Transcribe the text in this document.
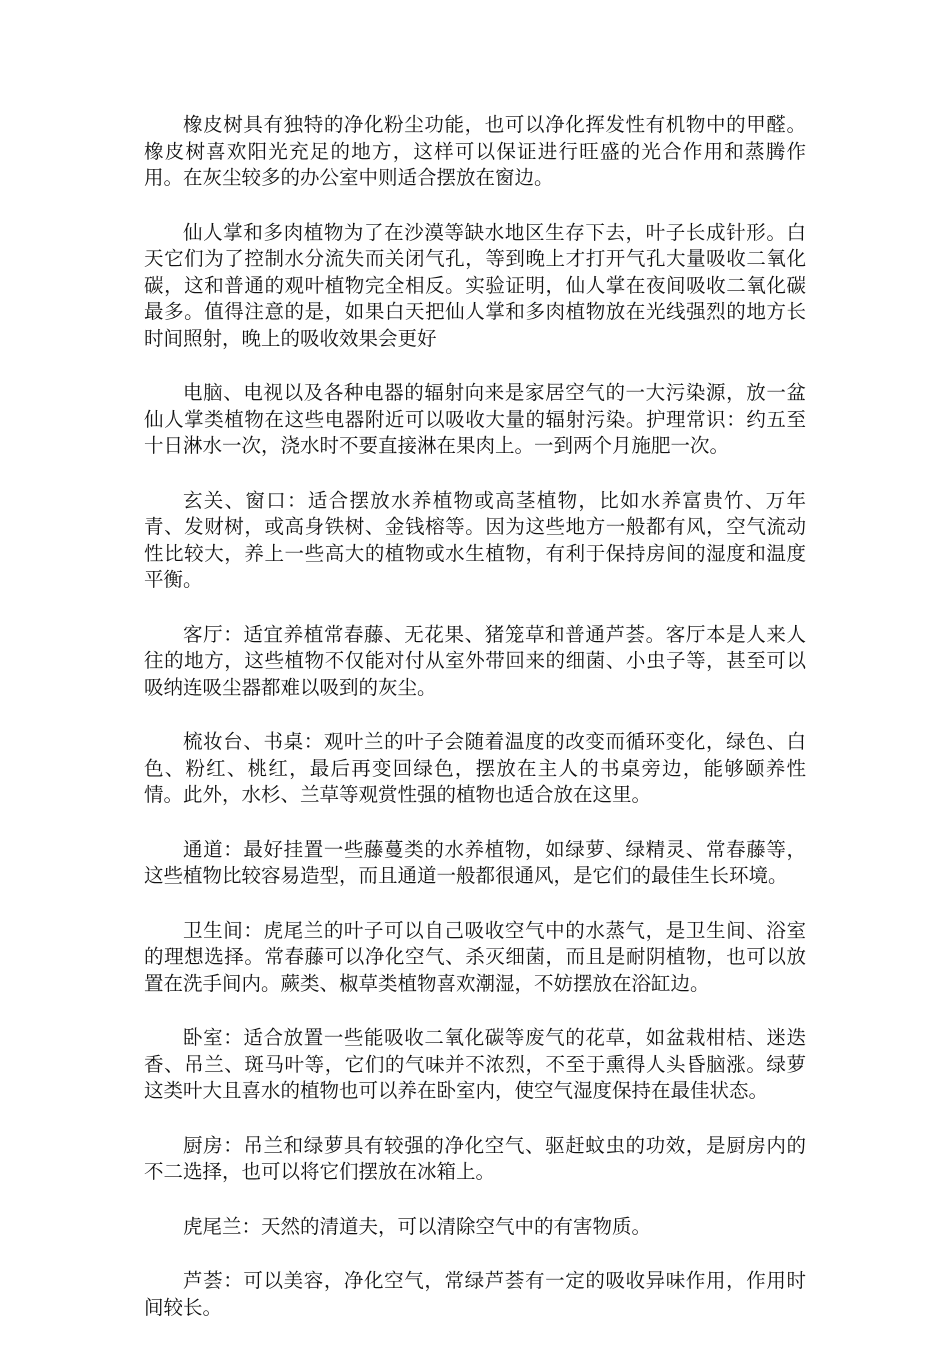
橡皮树具有独特的净化粉尘功能，也可以净化挥发性有机物中的甲醛。橡皮树喜欢阳光充足的地方，这样可以保证进行旺盛的光合作用和蒸腾作用。在灰尘较多的办公室中则适合摆放在窗边。

仙人掌和多肉植物为了在沙漠等缺水地区生存下去，叶子长成针形。白天它们为了控制水分流失而关闭气孔，等到晚上才打开气孔大量吸收二氧化碳，这和普通的观叶植物完全相反。实验证明，仙人掌在夜间吸收二氧化碳最多。值得注意的是，如果白天把仙人掌和多肉植物放在光线强烈的地方长时间照射，晚上的吸收效果会更好

电脑、电视以及各种电器的辐射向来是家居空气的一大污染源，放一盆仙人掌类植物在这些电器附近可以吸收大量的辐射污染。护理常识：约五至十日淋水一次，浇水时不要直接淋在果肉上。一到两个月施肥一次。

玄关、窗口：适合摆放水养植物或高茎植物，比如水养富贵竹、万年青、发财树，或高身铁树、金钱榕等。因为这些地方一般都有风，空气流动性比较大，养上一些高大的植物或水生植物，有利于保持房间的湿度和温度平衡。

客厅：适宜养植常春藤、无花果、猪笼草和普通芦荟。客厅本是人来人往的地方，这些植物不仅能对付从室外带回来的细菌、小虫子等，甚至可以吸纳连吸尘器都难以吸到的灰尘。

梳妆台、书桌：观叶兰的叶子会随着温度的改变而循环变化，绿色、白色、粉红、桃红，最后再变回绿色，摆放在主人的书桌旁边，能够颐养性情。此外，水杉、兰草等观赏性强的植物也适合放在这里。

通道：最好挂置一些藤蔓类的水养植物，如绿萝、绿精灵、常春藤等，这些植物比较容易造型，而且通道一般都很通风，是它们的最佳生长环境。

卫生间：虎尾兰的叶子可以自己吸收空气中的水蒸气，是卫生间、浴室的理想选择。常春藤可以净化空气、杀灭细菌，而且是耐阴植物，也可以放置在洗手间内。蕨类、椒草类植物喜欢潮湿，不妨摆放在浴缸边。

卧室：适合放置一些能吸收二氧化碳等废气的花草，如盆栽柑桔、迷迭香、吊兰、斑马叶等，它们的气味并不浓烈，不至于熏得人头昏脑涨。绿萝这类叶大且喜水的植物也可以养在卧室内，使空气湿度保持在最佳状态。

厨房：吊兰和绿萝具有较强的净化空气、驱赶蚊虫的功效，是厨房内的不二选择，也可以将它们摆放在冰箱上。

虎尾兰：天然的清道夫，可以清除空气中的有害物质。

芦荟：可以美容，净化空气，常绿芦荟有一定的吸收异味作用，作用时间较长。
